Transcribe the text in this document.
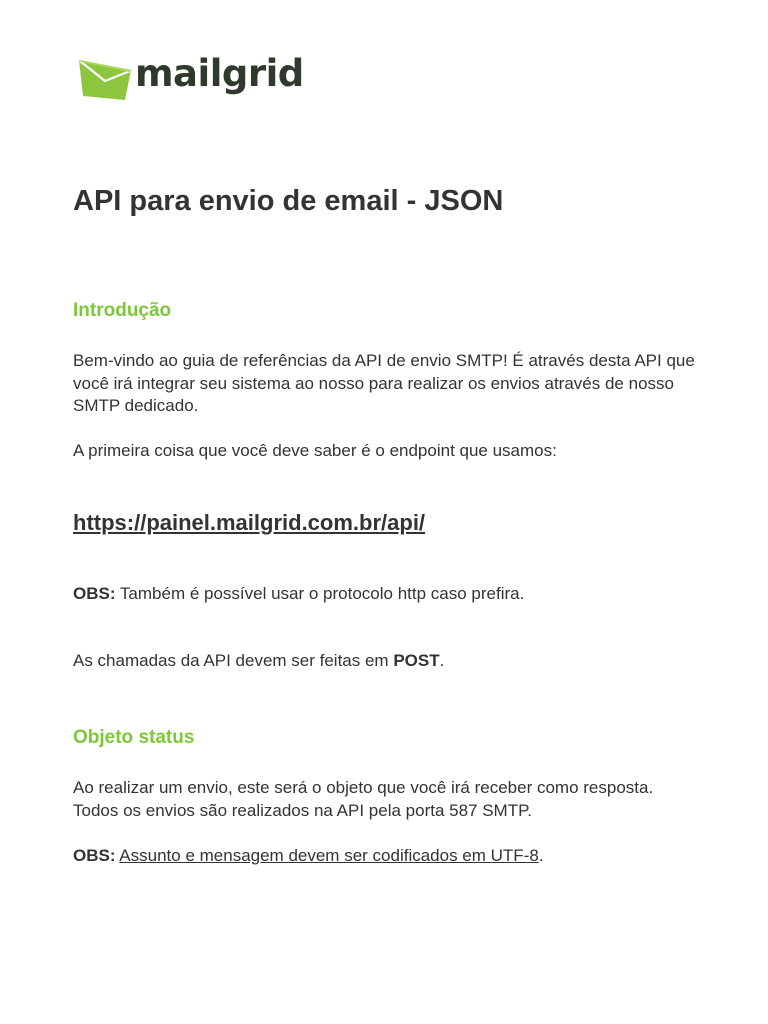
mailgrid
API para envio de email - JSON
Introdução

Bem-vindo ao guia de referências da API de envio SMTP! É através desta API que você irá integrar seu sistema ao nosso para realizar os envios através de nosso SMTP dedicado.

A primeira coisa que você deve saber é o endpoint que usamos:

https://painel.mailgrid.com.br/api/

OBS: Também é possível usar o protocolo http caso prefira.

As chamadas da API devem ser feitas em POST.

Objeto status

Ao realizar um envio, este será o objeto que você irá receber como resposta. Todos os envios são realizados na API pela porta 587 SMTP.

OBS: Assunto e mensagem devem ser codificados em UTF-8.
